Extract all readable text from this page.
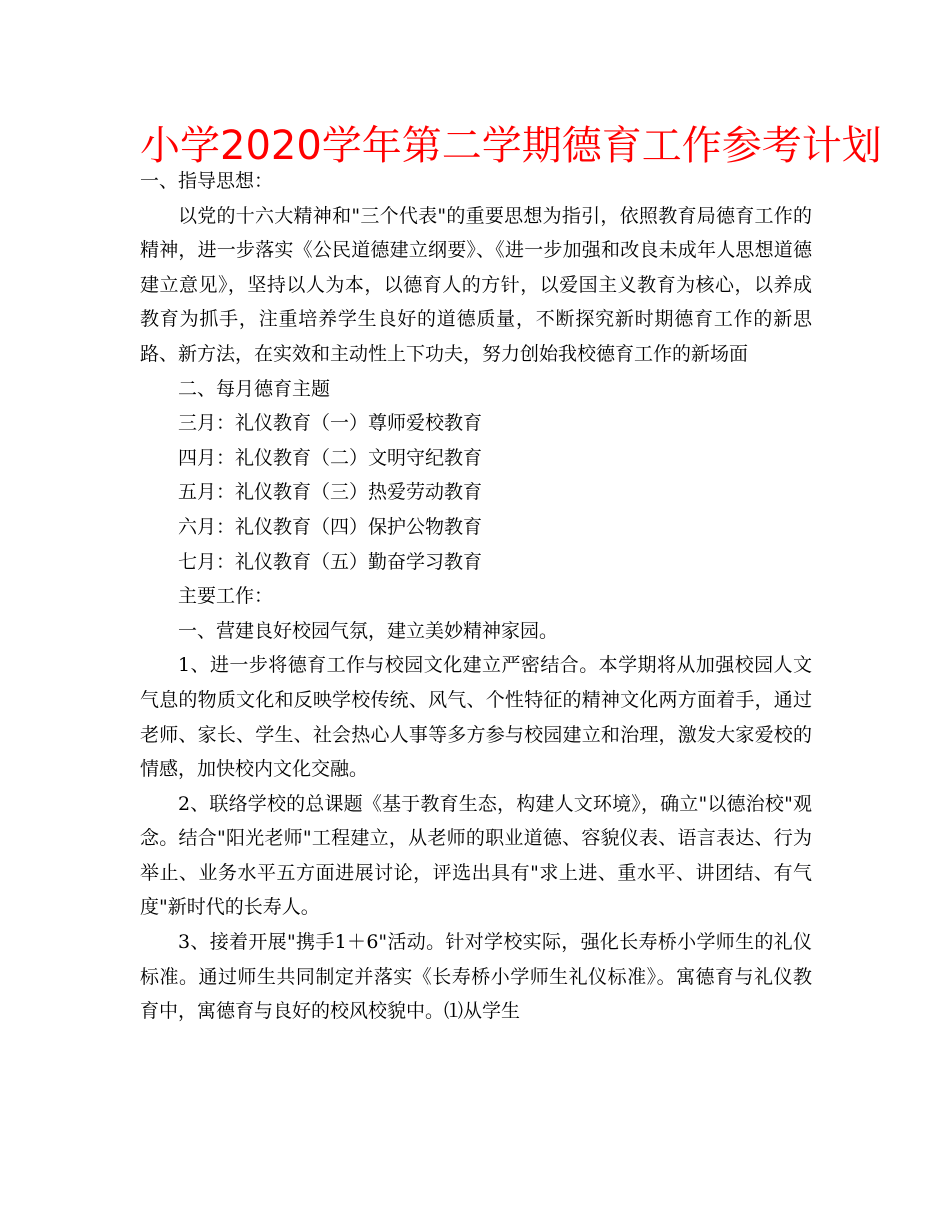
小学2020学年第二学期德育工作参考计划

一、指导思想：

以党的十六大精神和"三个代表"的重要思想为指引，依照教育局德育工作的精神，进一步落实《公民道德建立纲要》、《进一步加强和改良未成年人思想道德建立意见》，坚持以人为本，以德育人的方针，以爱国主义教育为核心，以养成教育为抓手，注重培养学生良好的道德质量，不断探究新时期德育工作的新思路、新方法，在实效和主动性上下功夫，努力创始我校德育工作的新场面

二、每月德育主题

三月：礼仪教育（一）尊师爱校教育

四月：礼仪教育（二）文明守纪教育

五月：礼仪教育（三）热爱劳动教育

六月：礼仪教育（四）保护公物教育

七月：礼仪教育（五）勤奋学习教育

主要工作：

一、营建良好校园气氛，建立美妙精神家园。

1、进一步将德育工作与校园文化建立严密结合。本学期将从加强校园人文气息的物质文化和反映学校传统、风气、个性特征的精神文化两方面着手，通过老师、家长、学生、社会热心人事等多方参与校园建立和治理，激发大家爱校的情感，加快校内文化交融。

2、联络学校的总课题《基于教育生态，构建人文环境》，确立"以德治校"观念。结合"阳光老师"工程建立，从老师的职业道德、容貌仪表、语言表达、行为举止、业务水平五方面进展讨论，评选出具有"求上进、重水平、讲团结、有气度"新时代的长寿人。

3、接着开展"携手1＋6"活动。针对学校实际，强化长寿桥小学师生的礼仪标准。通过师生共同制定并落实《长寿桥小学师生礼仪标准》。寓德育与礼仪教育中，寓德育与良好的校风校貌中。⑴从学生
